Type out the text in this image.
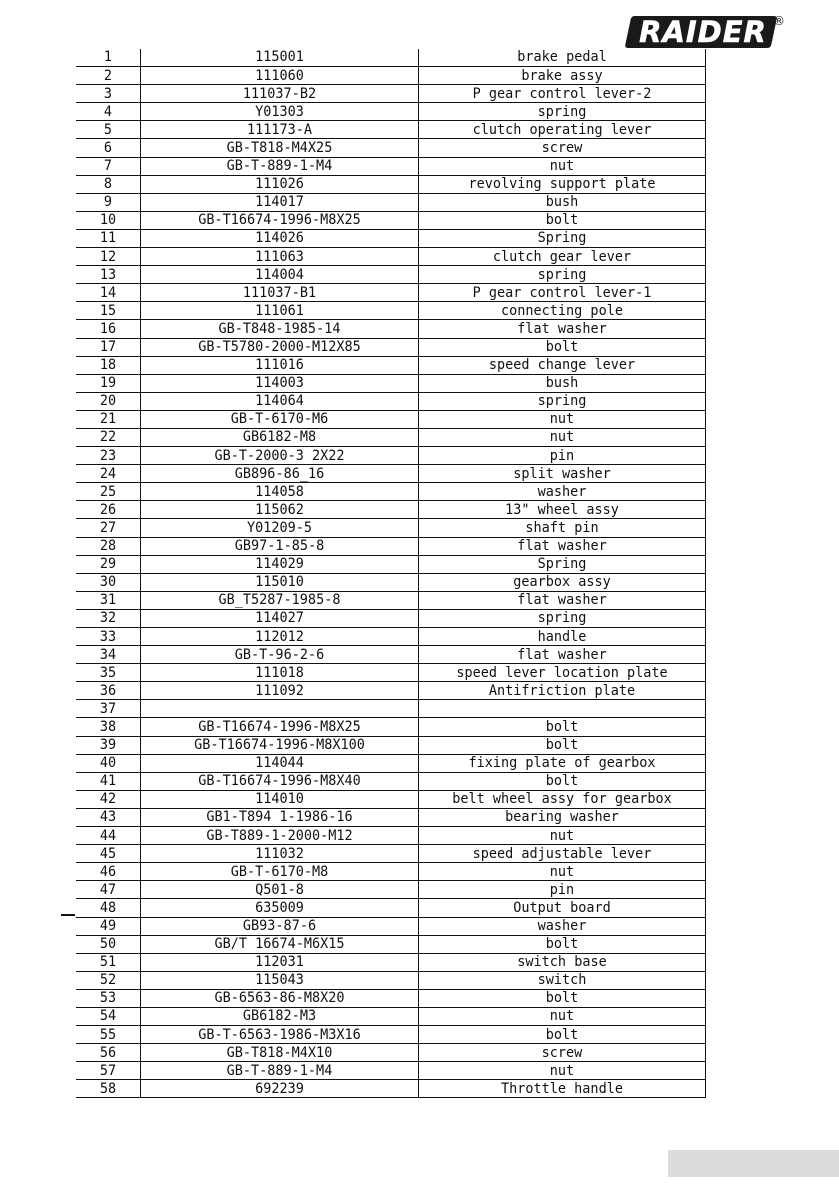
RAIDER ®
1	115001	brake pedal
2	111060	brake assy
3	111037-B2	P gear control lever-2
4	Y01303	spring
5	111173-A	clutch operating lever
6	GB-T818-M4X25	screw
7	GB-T-889-1-M4	nut
8	111026	revolving support plate
9	114017	bush
10	GB-T16674-1996-M8X25	bolt
11	114026	Spring
12	111063	clutch gear lever
13	114004	spring
14	111037-B1	P gear control lever-1
15	111061	connecting pole
16	GB-T848-1985-14	flat washer
17	GB-T5780-2000-M12X85	bolt
18	111016	speed change lever
19	114003	bush
20	114064	spring
21	GB-T-6170-M6	nut
22	GB6182-M8	nut
23	GB-T-2000-3 2X22	pin
24	GB896-86_16	split washer
25	114058	washer
26	115062	13" wheel assy
27	Y01209-5	shaft pin
28	GB97-1-85-8	flat washer
29	114029	Spring
30	115010	gearbox assy
31	GB_T5287-1985-8	flat washer
32	114027	spring
33	112012	handle
34	GB-T-96-2-6	flat washer
35	111018	speed lever location plate
36	111092	Antifriction plate
37		
38	GB-T16674-1996-M8X25	bolt
39	GB-T16674-1996-M8X100	bolt
40	114044	fixing plate of gearbox
41	GB-T16674-1996-M8X40	bolt
42	114010	belt wheel assy for gearbox
43	GB1-T894 1-1986-16	bearing washer
44	GB-T889-1-2000-M12	nut
45	111032	speed adjustable lever
46	GB-T-6170-M8	nut
47	Q501-8	pin
48	635009	Output board
49	GB93-87-6	washer
50	GB/T 16674-M6X15	bolt
51	112031	switch base
52	115043	switch
53	GB-6563-86-M8X20	bolt
54	GB6182-M3	nut
55	GB-T-6563-1986-M3X16	bolt
56	GB-T818-M4X10	screw
57	GB-T-889-1-M4	nut
58	692239	Throttle handle
